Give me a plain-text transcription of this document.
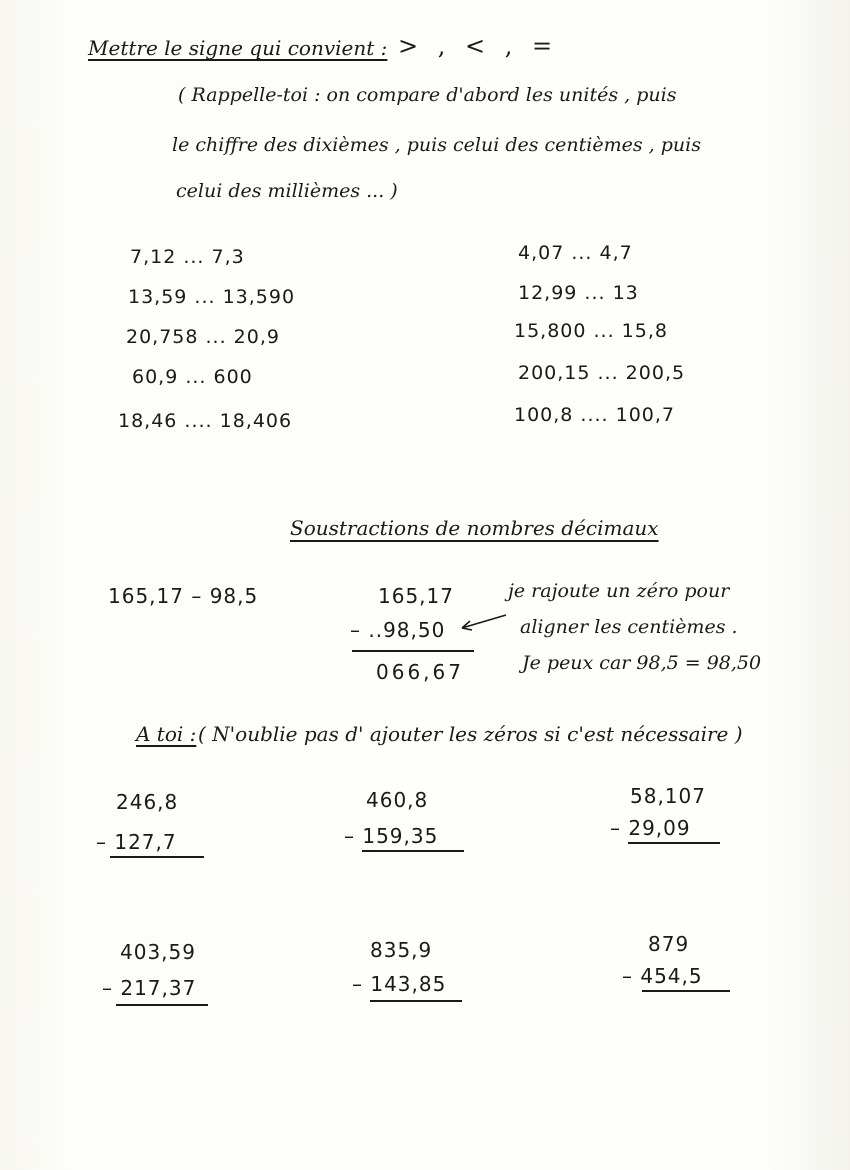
Mettre le signe qui convient : > , < , =
( Rappelle-toi : on compare d'abord les unités , puis
le chiffre des dixièmes , puis celui des centièmes , puis
celui des millièmes ... )
7,12 ... 7,3
13,59 ... 13,590
20,758 ... 20,9
60,9 ... 600
18,46 .... 18,406
4,07 ... 4,7
12,99 ... 13
15,800 ... 15,8
200,15 ... 200,5
100,8 .... 100,7
Soustractions de nombres décimaux
165,17 – 98,5	165,17
– ..98,50
066,67
je rajoute un zéro pour
aligner les centièmes .
Je peux car 98,5 = 98,50
A toi : ( N'oublie pas d' ajouter les zéros si c'est nécessaire )
246,8
– 127,7
460,8
– 159,35
58,107
– 29,09
403,59
– 217,37
835,9
– 143,85
879
– 454,5
